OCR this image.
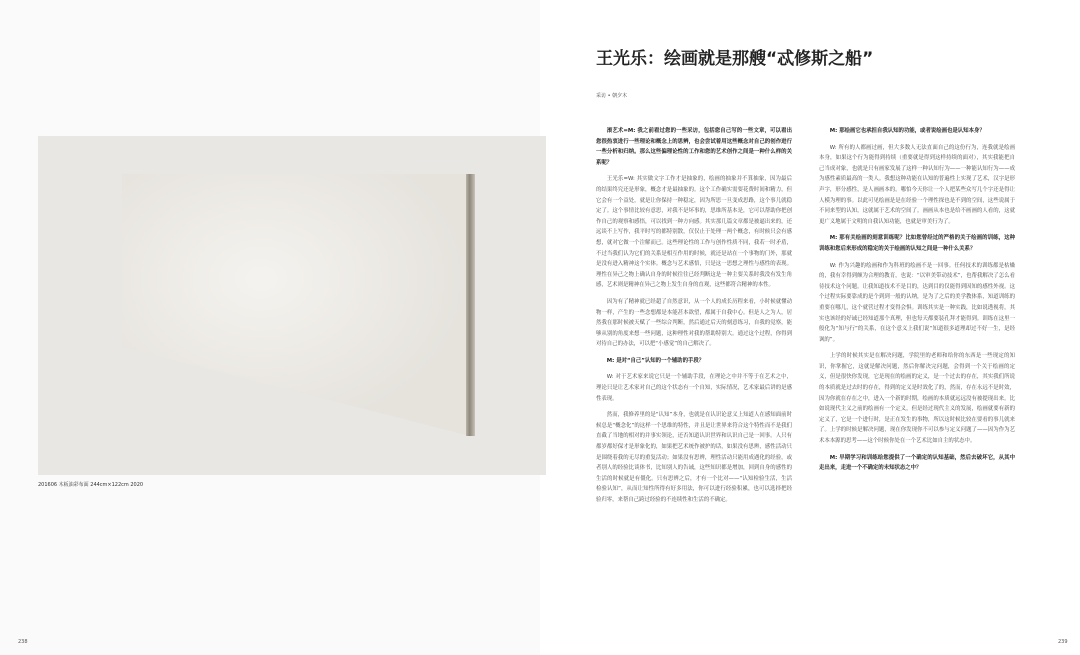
201606 木板油彩布面 244cm×122cm 2020
238
王光乐：绘画就是那艘“忒修斯之船”
采访 • 朝夕木

滚艺术=M: 我之前看过您的一些采访，包括您自己写的一些文章，可以看出您很热衷进行一些理论和概念上的思辨，也会尝试着用这些概念对自己的创作进行一些分析和归纳。那么这些偏理论性的工作和您的艺术创作之间是一种什么样的关系呢？

王光乐=W: 其实做文字工作才是抽象的，绘画的抽象并不算抽象，因为最后的结果终究还是形象，概念才是最抽象的。这个工作确实需要花费时间和精力，但它会有一个益处，就是让你保持一种稳定，因为所思一旦变成思路，这个事儿就稳定了。这个事情比较有意思，对我不是坏事的，思维所基本是，它可以帮助你把创作自己的观察和感悟，可以找到一种方向感。其实那几篇文章都是被逼出来的，还远谈不上写作，我平时写的都特别散，仅仅止于处理一两个概念，有时候只会有感想，就对它做一个注解而已。这些理论性的工作与创作性质不同，我若一时矛盾，不过当我们认为它们的关系是相互作用的时候，就还是站在一个事物的门外，那就是没有进入精神这个实体。概念与艺术感悟，只是这一思想之理性与感性的表现。理性在异己之物上确认自身的时候往往已经判断这是一种主要关系时我没有发生角感，艺术则是精神在异己之物上发生自身的直观，这些都符合精神的本性。

因为有了精神就已经超了自然意识，从一个人的成长历程来看，小时候就懂动物一样，产生的一些念想都是本能甚本欲望，都属于自我中心。但是人之为人，居然我在那时候被天赋了一些综合判断，然后通过后天的刻意练习，自我的觉察，能够从别的角度来想一些问题，这种理性对我的帮助特别大。通过这个过程，你得到对待自己的办法，可以把“小感觉”的自己解决了。

M: 是对“自己”认知的一个辅助的手段？

W: 对于艺术家来说它只是一个辅助手段，在理论之中并不等于在艺术之中，理论只是让艺术家对自己的这个状态有一个自知，实际情况，艺术家最后讲的是感性表现。

然而，我修养里的是“认知”本身，也就是在认识论意义上知道人在感知面前时候总是“概念化”的这样一个思维的特性，并且是让世界来符合这个特性而不是我们直截了当地的相对的并事实领论，还否知道认识世界和认识自己是一回事。人只有都岁都好保才是形象化的，如果把艺术统作被护的话，如果没有思辨，感性活动只是围绕着我的无尽的重复活动；如果没有思辨，理性活动只能用成遇化的经验，或者别人的经验比谈体书，比知别人的告诫，这些知识都是增加，回到自身的感性的生活的时候就是有僵化。只有思辨之后，才有一个比对——“认知检验生活，生活检验认知”，从而让知性所得有好多用法，你可以进行经验积累，也可以选择把经验归零，来帮自己跨过经验的不连续性和生活的不确定。

M: 那绘画它也承担自我认知的功能，或者说绘画也是认知本身？

W: 所有的人都画过画，但大多数人无法直面自己的这份行为，连我就是绘画本身，如果这个行为能得到持续（重要就是得到这样持续的面对），其实我能把自己当成对象，也就是只有画家发展了这样一种认知行为——一种能认知行为——成为感性素质最高的一类人。我想这种功能在认知的普遍性上实现了艺术，汉字是形声字，形分感性，是人画画本的。哪怕今天你让一个人把某些众写几个字还是得让人模为理的事。以此可见绘画是是在经验一个理性探也是不到的空间，这些说属于不同来型的认知，这就属于艺术的空间了。画画从本也是给不画画的人看的，这就更广义地属于文明的自我认知功能，也就是审美行为了。

M: 那有关绘画的刻意训练呢？比如您曾经过的严格的关于绘画的训练，这种训练和您后来形成的稳定的关于绘画的认知之间是一种什么关系？

W: 作为兴趣的绘画和作为科班的绘画不是一回事。任何技术的训练都是枯燥的，我有幸得到颇为合理的教育，也说：“以审美带动技术”，也帮我解决了怎么看待技术这个问题。让我知道技术不是目的，达到目的仅能得到因知的感性外视。这个过程实际要靠成的是个到到一般的认纳，是为了之后的美学教体系，知道训练的重要在哪儿，这个就营过程才变得会惧。训练其实是一种实践，比如说透视将，其实也该经的好诫已经知道那个真理，但也每天都要装孔拜才能得到。训练在这里一般化为“知与行”的关系，在这个意义上我们说“知道很多道理却过不好一生，是经讽的”。

上学的时候其实是在解决问题，学院里的老师和给你的东西是一些现定的知识，你掌握它，这就是解决问题，然后你解决完问题，会得到一个关于绘画的定义，但是很快你发现，它是现在的绘画的定义，是一个过去的存在，其实我们所说的本质就是过去时的存在，得到的定义是时效化了的，然而，存在永远不是时效，因为你就在存在之中，进入一个新的时期，绘画的本质就远远没有被提现出来。比如说现代主义之前的绘画有一个定义，但是经过现代主义的发展，绘画就要有新的定义了，它是一个进行时，是正在发生的事物，所以这时候比较在要看的事儿就来了。上学的时候是解决问题，现在你发现你不可以参与定义问题了——因为作为艺术本本源的思考——这个时候你处在一个艺术比如自主的状态中。

M: 早期学习和训练给您提供了一个确定的认知基础，然后去破坏它，从其中走出来，走进一个不确定的未知状态之中？

239
